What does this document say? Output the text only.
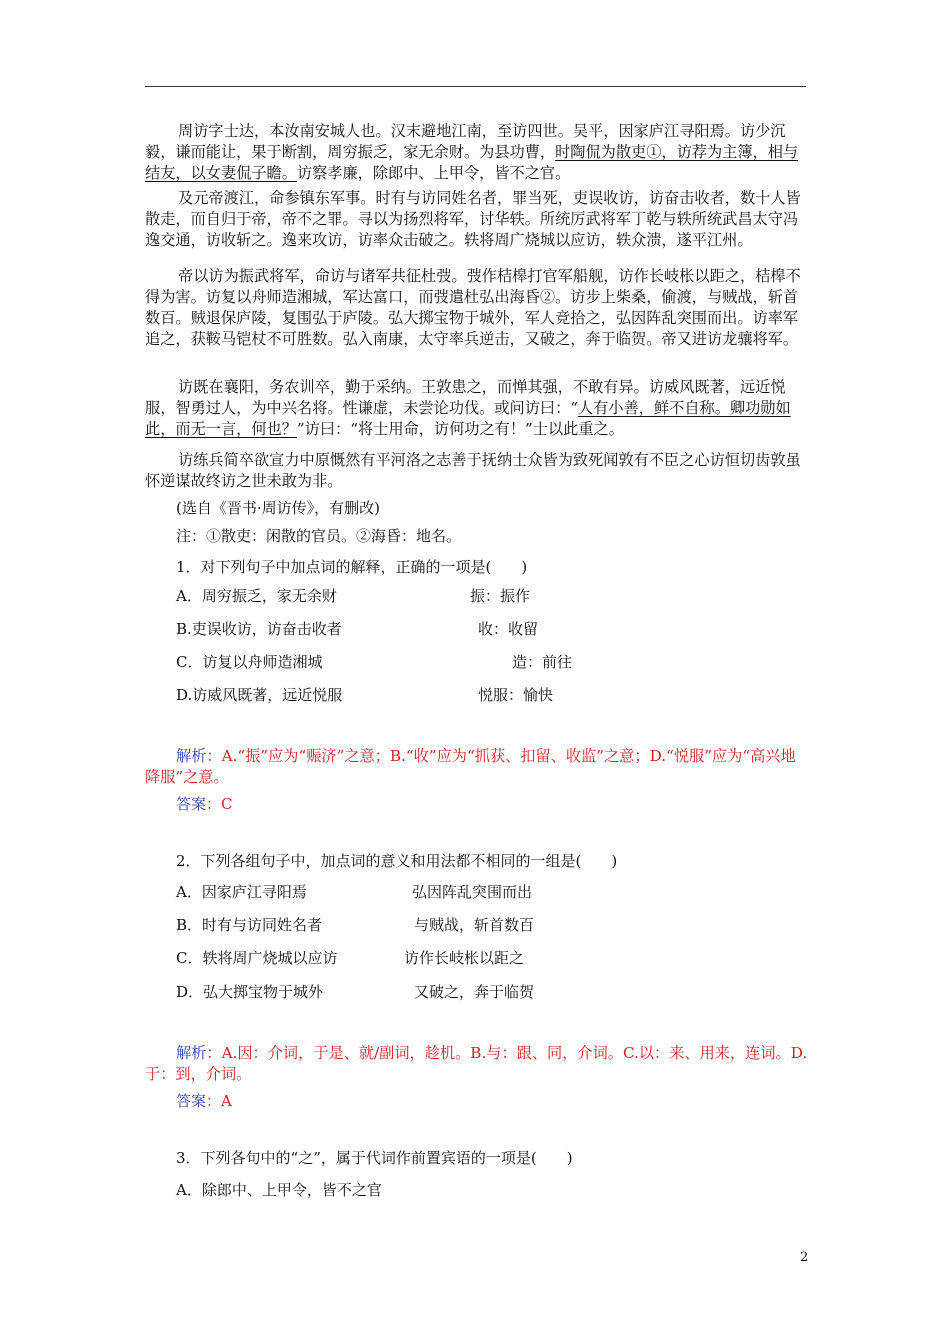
周访字士达，本汝南安城人也。汉末避地江南，至访四世。吴平，因家庐江寻阳焉。访少沉毅，谦而能让，果于断割，周穷振乏，家无余财。为县功曹，时陶侃为散吏①，访荐为主簿，相与结友，以女妻侃子瞻。访察孝廉，除郎中、上甲令，皆不之官。

及元帝渡江，命参镇东军事。时有与访同姓名者，罪当死，吏误收访，访奋击收者，数十人皆散走，而自归于帝，帝不之罪。寻以为扬烈将军，讨华轶。所统厉武将军丁乾与轶所统武昌太守冯逸交通，访收斩之。逸来攻访，访率众击破之。轶将周广烧城以应访，轶众溃，遂平江州。

帝以访为振武将军，命访与诸军共征杜弢。弢作桔槔打官军船舰，访作长岐枨以距之，桔槔不得为害。访复以舟师造湘城，军达富口，而弢遣杜弘出海昏②。访步上柴桑，偷渡，与贼战，斩首数百。贼退保庐陵，复围弘于庐陵。弘大掷宝物于城外，军人竞拾之，弘因阵乱突围而出。访率军追之，获鞍马铠杖不可胜数。弘入南康，太守率兵逆击，又破之，奔于临贺。帝又进访龙骧将军。

访既在襄阳，务农训卒，勤于采纳。王敦患之，而惮其强，不敢有异。访威风既著，远近悦服，智勇过人，为中兴名将。性谦虚，未尝论功伐。或问访曰：“人有小善，鲜不自称。卿功勋如此，而无一言，何也？”访曰：“将士用命，访何功之有！”士以此重之。

访练兵简卒欲宣力中原慨然有平河洛之志善于抚纳士众皆为致死闻敦有不臣之心访恒切齿敦虽怀逆谋故终访之世未敢为非。

(选自《晋书·周访传》，有删改)
注：①散吏：闲散的官员。②海昏：地名。
1．对下列句子中加点词的解释，正确的一项是(　　)
A．周穷振乏，家无余财	振：振作
B.吏误收访，访奋击收者	收：收留
C．访复以舟师造湘城	造：前往
D.访威风既著，远近悦服	悦服：愉快

解析：A.“振”应为“赈济”之意；B.“收”应为“抓获、扣留、收监”之意；D.“悦服”应为“高兴地降服”之意。

答案：C
2．下列各组句子中，加点词的意义和用法都不相同的一组是(　　)
A．因家庐江寻阳焉	弘因阵乱突围而出
B．时有与访同姓名者	与贼战，斩首数百
C．轶将周广烧城以应访	访作长岐枨以距之
D．弘大掷宝物于城外	又破之，奔于临贺

解析：A.因：介词，于是、就/副词，趁机。B.与：跟、同，介词。C.以：来、用来，连词。D.于：到，介词。

答案：A
3．下列各句中的“之”，属于代词作前置宾语的一项是(　　)
A．除郎中、上甲令，皆不之官
2
